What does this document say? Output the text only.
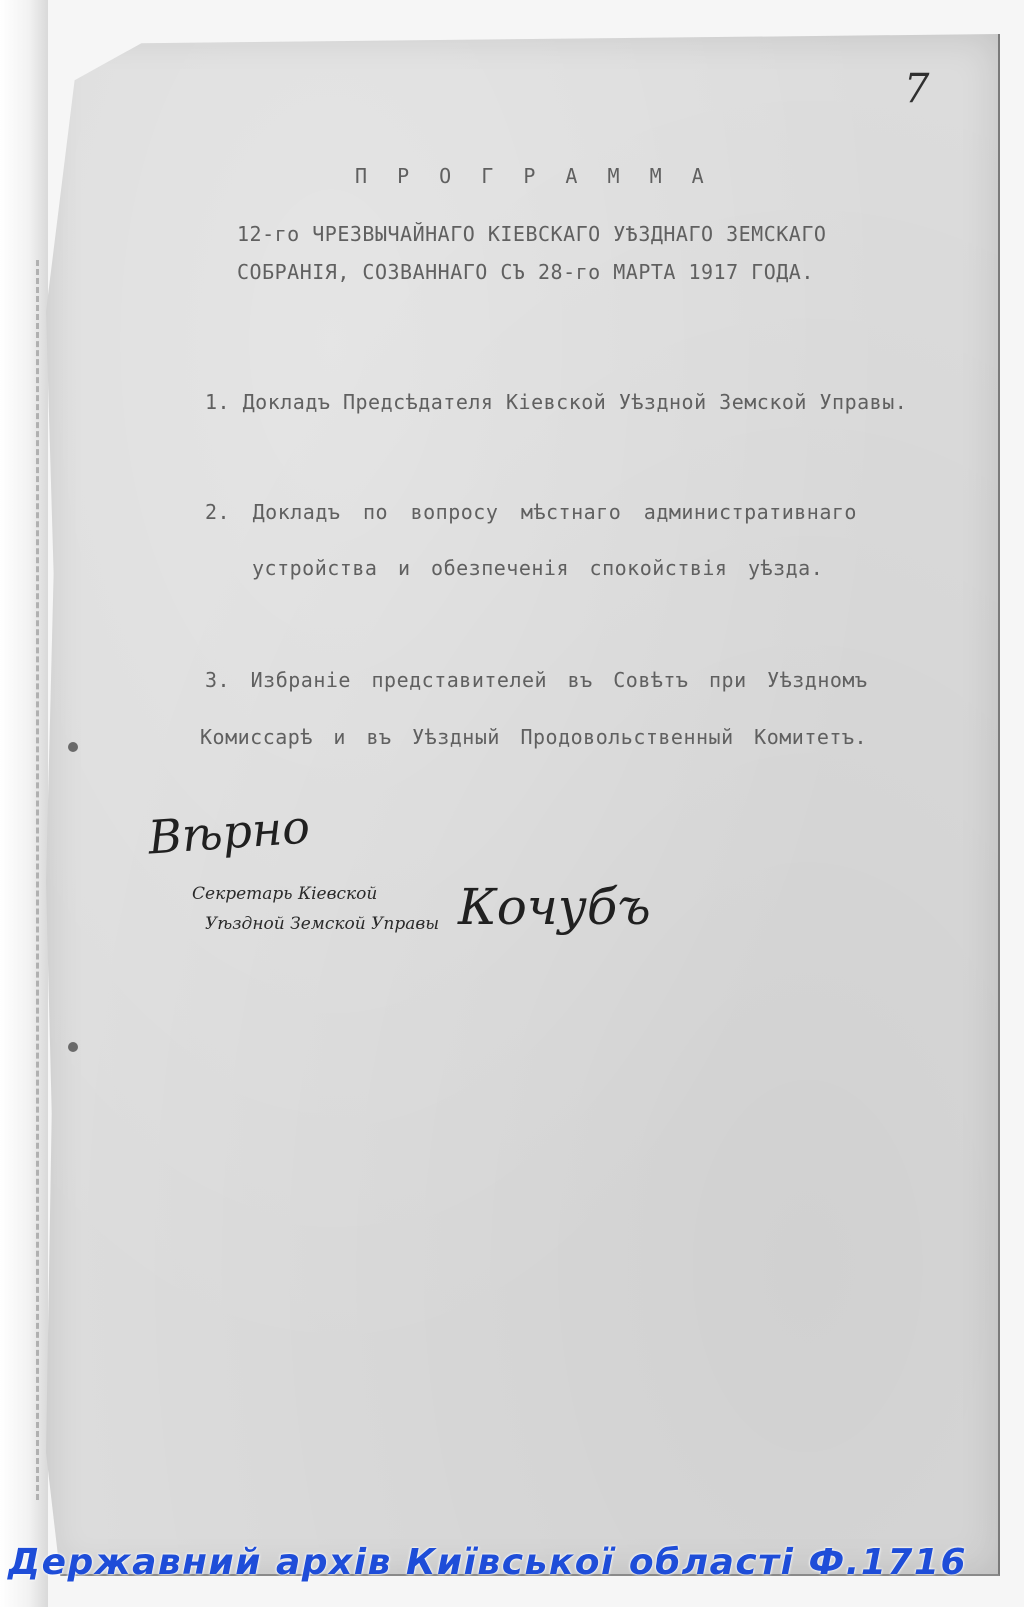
7
П Р О Г Р А М М А
12-го ЧРЕЗВЫЧАЙНАГО КІЕВСКАГО УѢЗДНАГО ЗЕМСКАГО
СОБРАНІЯ, СОЗВАННАГО СЪ 28-го МАРТА 1917 ГОДА.
1. Докладъ Предсѣдателя Кіевской Уѣздной Земской Управы.
2. Докладъ по вопросу мѣстнаго административнаго
устройства и обезпеченія спокойствія уѣзда.
3. Избраніе представителей въ Совѣтъ при Уѣздномъ
Комиссарѣ и въ Уѣздный Продовольственный Комитетъ.
Вѣрно
Секретарь Кіевской
Уѣздной Земской Управы Кочубъ
Державний архів Київської області Ф.1716
